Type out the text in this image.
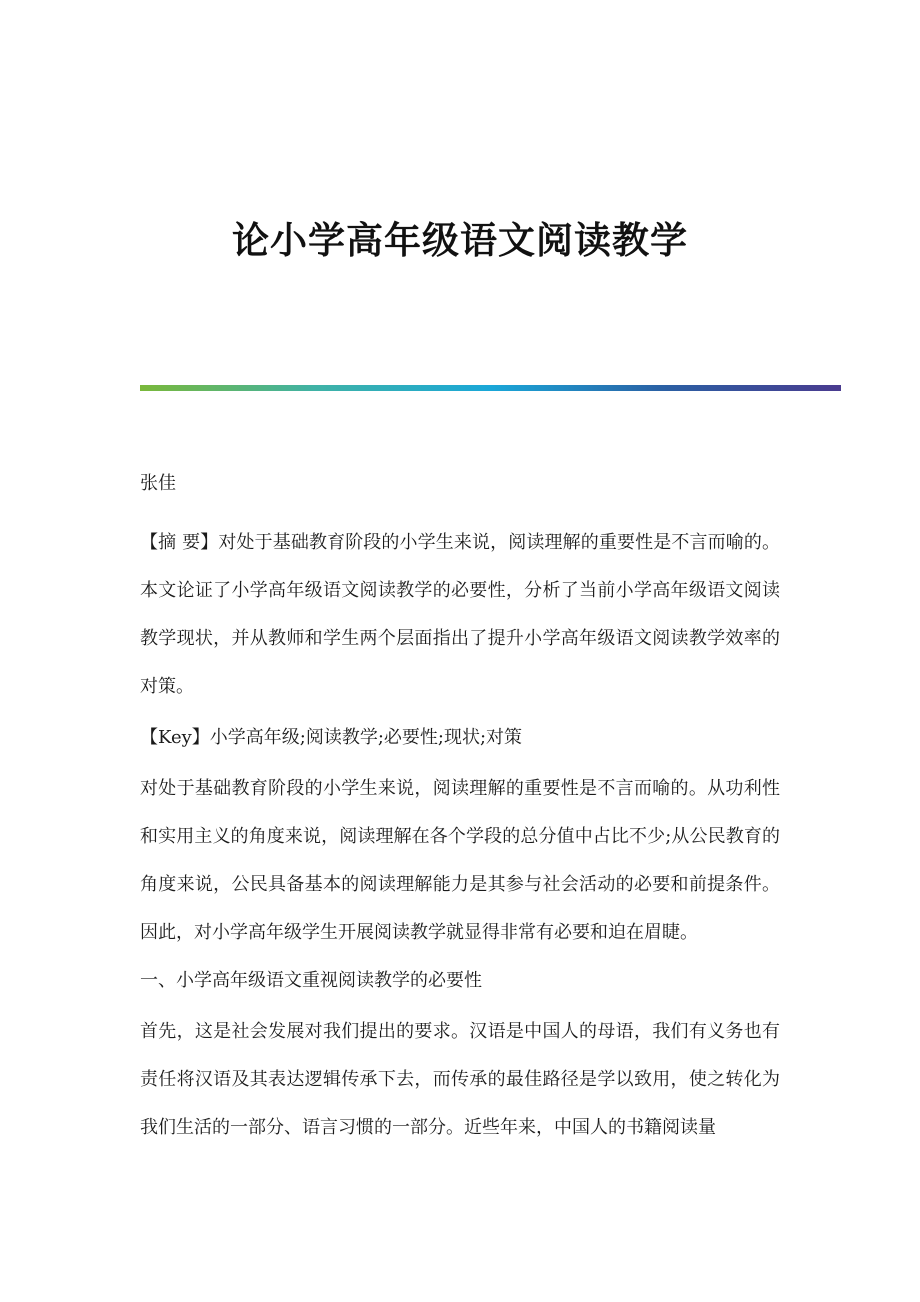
论小学高年级语文阅读教学

张佳

【摘 要】对处于基础教育阶段的小学生来说，阅读理解的重要性是不言而喻的。本文论证了小学高年级语文阅读教学的必要性，分析了当前小学高年级语文阅读教学现状，并从教师和学生两个层面指出了提升小学高年级语文阅读教学效率的对策。

【Key】小学高年级;阅读教学;必要性;现状;对策

对处于基础教育阶段的小学生来说，阅读理解的重要性是不言而喻的。从功利性和实用主义的角度来说，阅读理解在各个学段的总分值中占比不少;从公民教育的角度来说，公民具备基本的阅读理解能力是其参与社会活动的必要和前提条件。因此，对小学高年级学生开展阅读教学就显得非常有必要和迫在眉睫。

一、小学高年级语文重视阅读教学的必要性

首先，这是社会发展对我们提出的要求。汉语是中国人的母语，我们有义务也有责任将汉语及其表达逻辑传承下去，而传承的最佳路径是学以致用，使之转化为我们生活的一部分、语言习惯的一部分。近些年来，中国人的书籍阅读量
